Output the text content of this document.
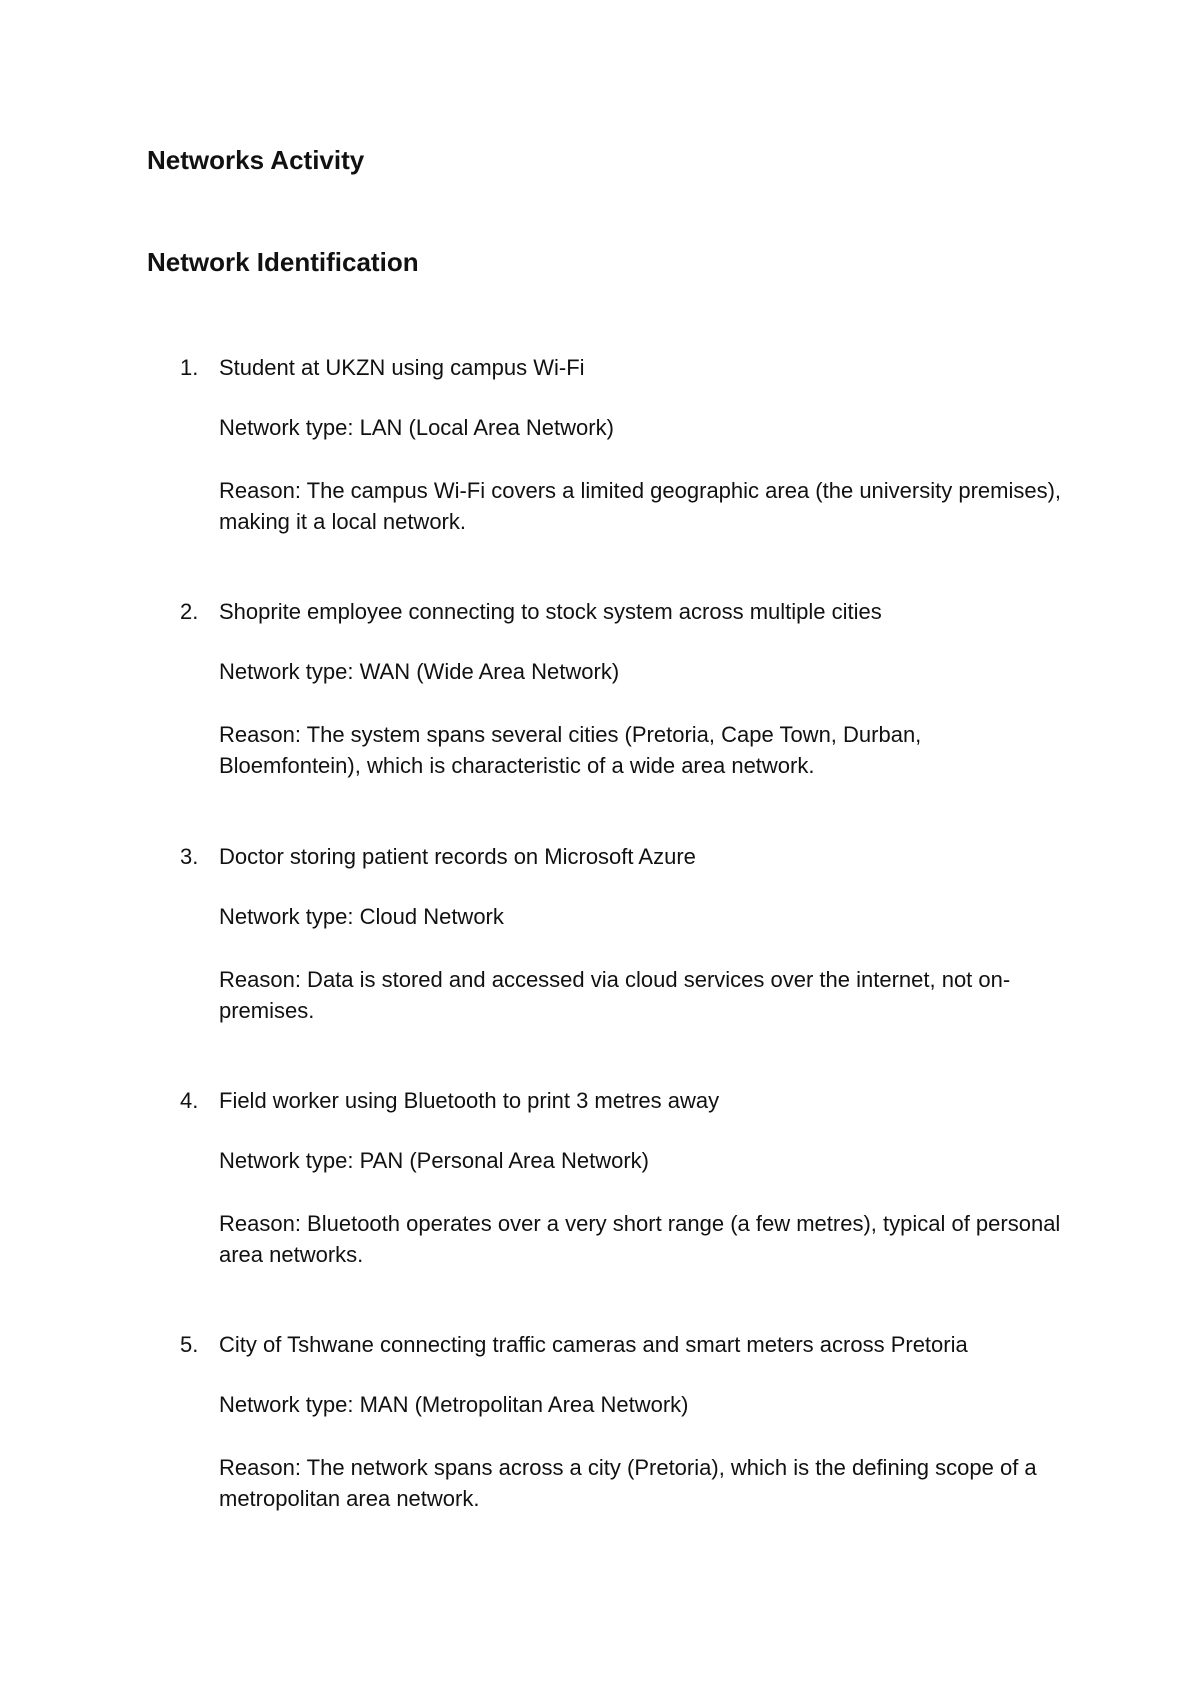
Networks Activity
Network Identification
1. Student at UKZN using campus Wi-Fi

Network type: LAN (Local Area Network)

Reason: The campus Wi-Fi covers a limited geographic area (the university premises), making it a local network.

2. Shoprite employee connecting to stock system across multiple cities

Network type: WAN (Wide Area Network)

Reason: The system spans several cities (Pretoria, Cape Town, Durban, Bloemfontein), which is characteristic of a wide area network.

3. Doctor storing patient records on Microsoft Azure

Network type: Cloud Network

Reason: Data is stored and accessed via cloud services over the internet, not on-premises.

4. Field worker using Bluetooth to print 3 metres away

Network type: PAN (Personal Area Network)

Reason: Bluetooth operates over a very short range (a few metres), typical of personal area networks.

5. City of Tshwane connecting traffic cameras and smart meters across Pretoria

Network type: MAN (Metropolitan Area Network)

Reason: The network spans across a city (Pretoria), which is the defining scope of a metropolitan area network.
